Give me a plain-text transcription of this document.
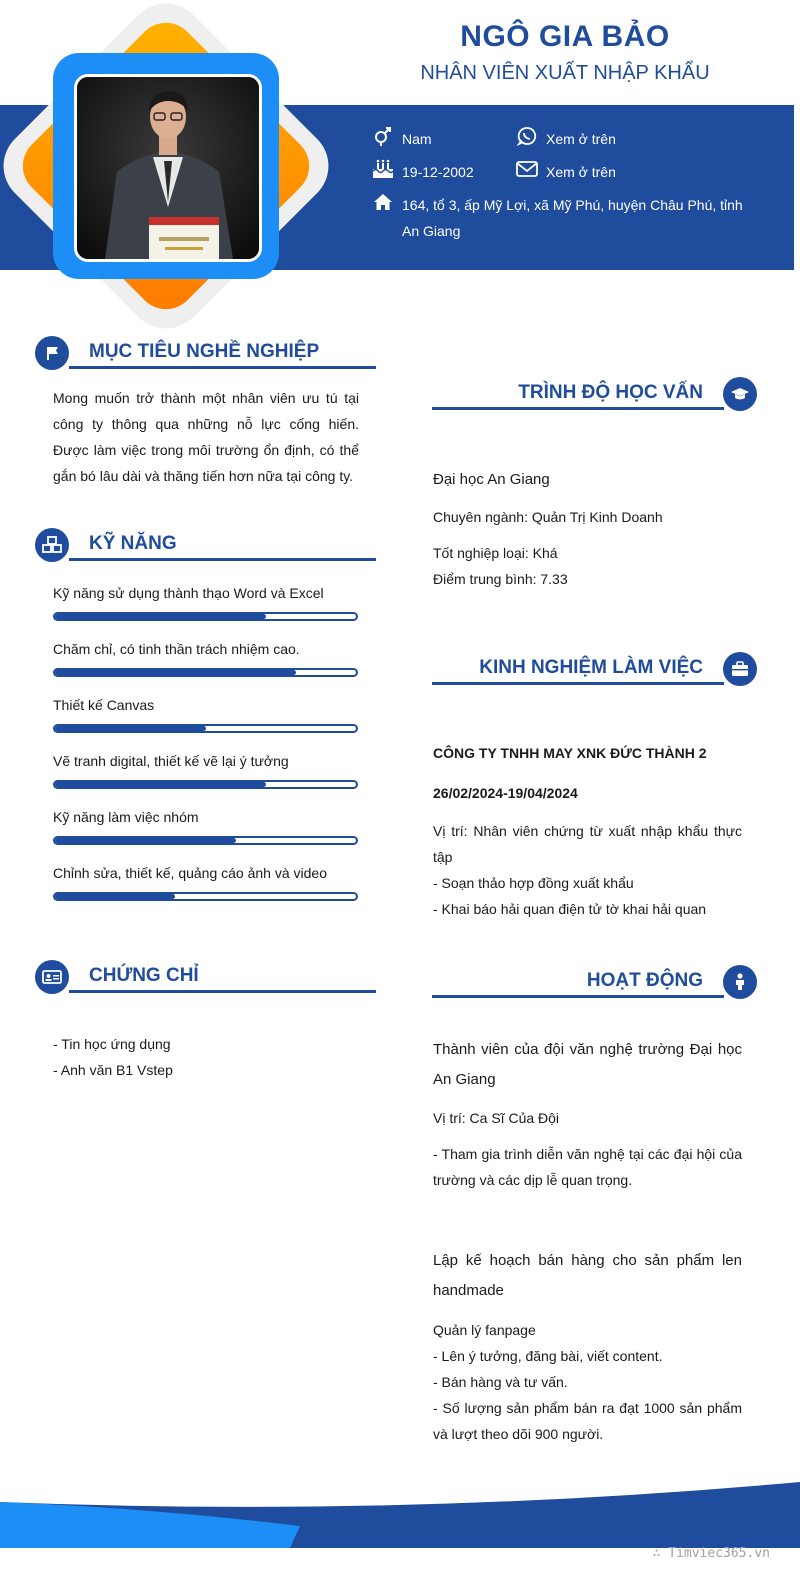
NGÔ GIA BẢO
NHÂN VIÊN XUẤT NHẬP KHẨU
Nam	Xem ở trên
19-12-2002	Xem ở trên
164, tổ 3, ấp Mỹ Lợi, xã Mỹ Phú, huyện Châu Phú, tỉnh
An Giang
MỤC TIÊU NGHỀ NGHIỆP
Mong muốn trở thành một nhân viên ưu tú tại công ty thông qua những nỗ lực cống hiến. Được làm việc trong môi trường ổn định, có thể gắn bó lâu dài và thăng tiến hơn nữa tại công ty.
KỸ NĂNG
Kỹ năng sử dụng thành thạo Word và Excel
Chăm chỉ, có tinh thần trách nhiệm cao.
Thiết kế Canvas
Vẽ tranh digital, thiết kế vẽ lại ý tưởng
Kỹ năng làm việc nhóm
Chỉnh sửa, thiết kế, quảng cáo ảnh và video
CHỨNG CHỈ
- Tin học ứng dụng
- Anh văn B1 Vstep
TRÌNH ĐỘ HỌC VẤN
Đại học An Giang
Chuyên ngành: Quản Trị Kinh Doanh
Tốt nghiệp loại: Khá
Điểm trung bình: 7.33
KINH NGHIỆM LÀM VIỆC
CÔNG TY TNHH MAY XNK ĐỨC THÀNH 2
26/02/2024-19/04/2024
Vị trí: Nhân viên chứng từ xuất nhập khẩu thực tập
- Soạn thảo hợp đồng xuất khẩu
- Khai báo hải quan điện tử tờ khai hải quan
HOẠT ĐỘNG
Thành viên của đội văn nghệ trường Đại học An Giang
Vị trí: Ca Sĩ Của Đội
- Tham gia trình diễn văn nghệ tại các đại hội của trường và các dịp lễ quan trọng.
Lập kế hoạch bán hàng cho sản phẩm len handmade
Quản lý fanpage
- Lên ý tưởng, đăng bài, viết content.
- Bán hàng và tư vấn.
- Số lượng sản phẩm bán ra đạt 1000 sản phẩm và lượt theo dõi 900 người.
∴ Timviec365.vn
